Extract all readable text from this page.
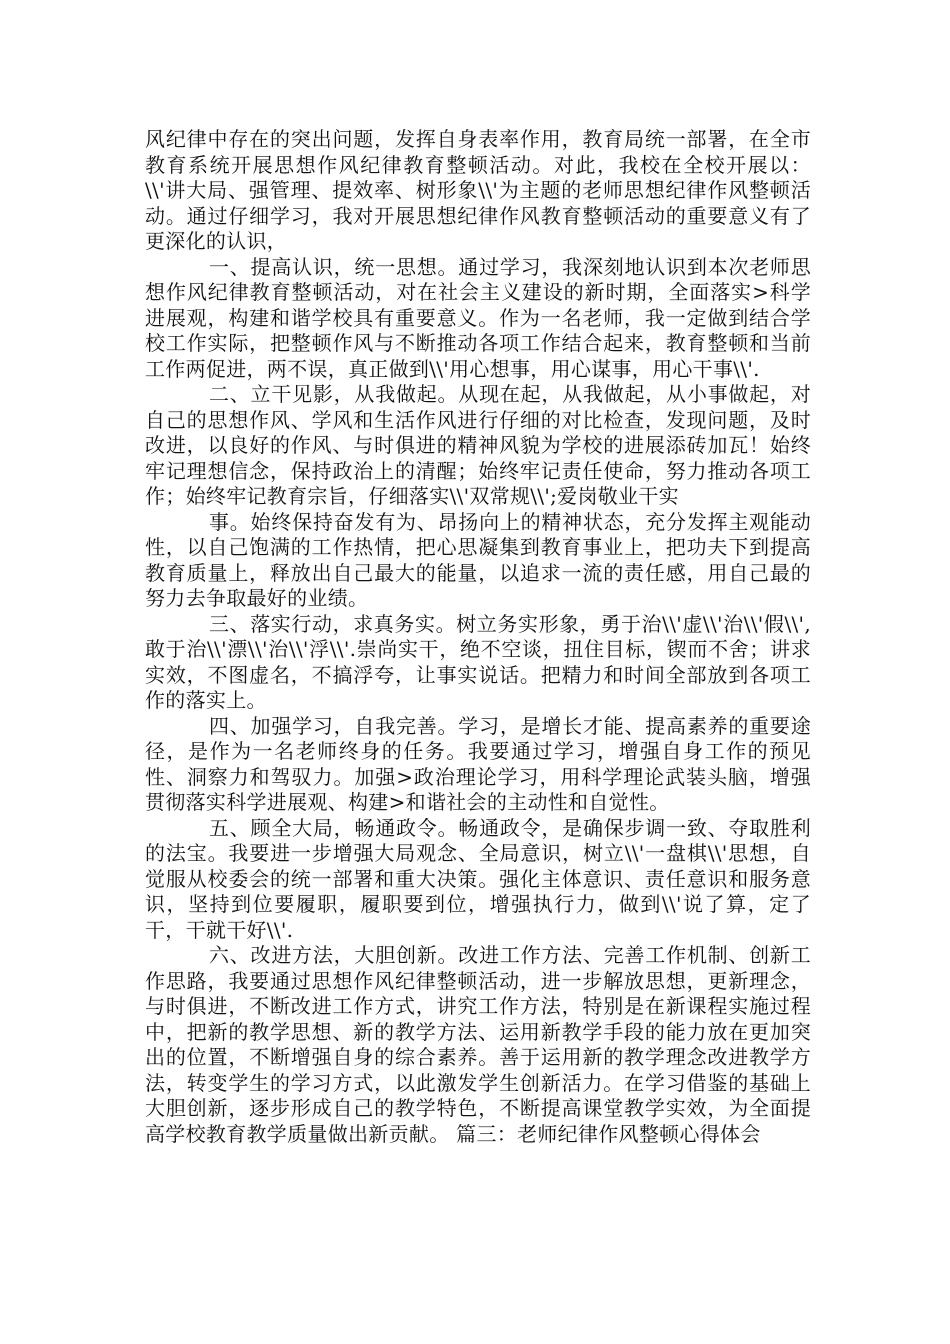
风纪律中存在的突出问题，发挥自身表率作用，教育局统一部署，在全市教育系统开展思想作风纪律教育整顿活动。对此，我校在全校开展以：\\'讲大局、强管理、提效率、树形象\\'为主题的老师思想纪律作风整顿活动。通过仔细学习，我对开展思想纪律作风教育整顿活动的重要意义有了更深化的认识，

一、提高认识，统一思想。通过学习，我深刻地认识到本次老师思想作风纪律教育整顿活动，对在社会主义建设的新时期，全面落实>科学进展观，构建和谐学校具有重要意义。作为一名老师，我一定做到结合学校工作实际，把整顿作风与不断推动各项工作结合起来，教育整顿和当前工作两促进，两不误，真正做到\\'用心想事，用心谋事，用心干事\\'.

二、立干见影，从我做起。从现在起，从我做起，从小事做起，对自己的思想作风、学风和生活作风进行仔细的对比检查，发现问题，及时改进，以良好的作风、与时俱进的精神风貌为学校的进展添砖加瓦！始终牢记理想信念，保持政治上的清醒；始终牢记责任使命，努力推动各项工作；始终牢记教育宗旨，仔细落实\\'双常规\\';爱岗敬业干实

事。始终保持奋发有为、昂扬向上的精神状态，充分发挥主观能动性，以自己饱满的工作热情，把心思凝集到教育事业上，把功夫下到提高教育质量上，释放出自己最大的能量，以追求一流的责任感，用自己最的努力去争取最好的业绩。

三、落实行动，求真务实。树立务实形象，勇于治\\'虚\\'治\\'假\\',敢于治\\'漂\\'治\\'浮\\'.崇尚实干，绝不空谈，扭住目标，锲而不舍；讲求实效，不图虚名，不搞浮夸，让事实说话。把精力和时间全部放到各项工作的落实上。

四、加强学习，自我完善。学习，是增长才能、提高素养的重要途径，是作为一名老师终身的任务。我要通过学习，增强自身工作的预见性、洞察力和驾驭力。加强>政治理论学习，用科学理论武装头脑，增强贯彻落实科学进展观、构建>和谐社会的主动性和自觉性。

五、顾全大局，畅通政令。畅通政令，是确保步调一致、夺取胜利的法宝。我要进一步增强大局观念、全局意识，树立\\'一盘棋\\'思想，自觉服从校委会的统一部署和重大决策。强化主体意识、责任意识和服务意识，坚持到位要履职，履职要到位，增强执行力，做到\\'说了算，定了干，干就干好\\'.

六、改进方法，大胆创新。改进工作方法、完善工作机制、创新工作思路，我要通过思想作风纪律整顿活动，进一步解放思想，更新理念，与时俱进，不断改进工作方式，讲究工作方法，特别是在新课程实施过程中，把新的教学思想、新的教学方法、运用新教学手段的能力放在更加突出的位置，不断增强自身的综合素养。善于运用新的教学理念改进教学方法，转变学生的学习方式，以此激发学生创新活力。在学习借鉴的基础上大胆创新，逐步形成自己的教学特色，不断提高课堂教学实效，为全面提高学校教育教学质量做出新贡献。 篇三：老师纪律作风整顿心得体会
